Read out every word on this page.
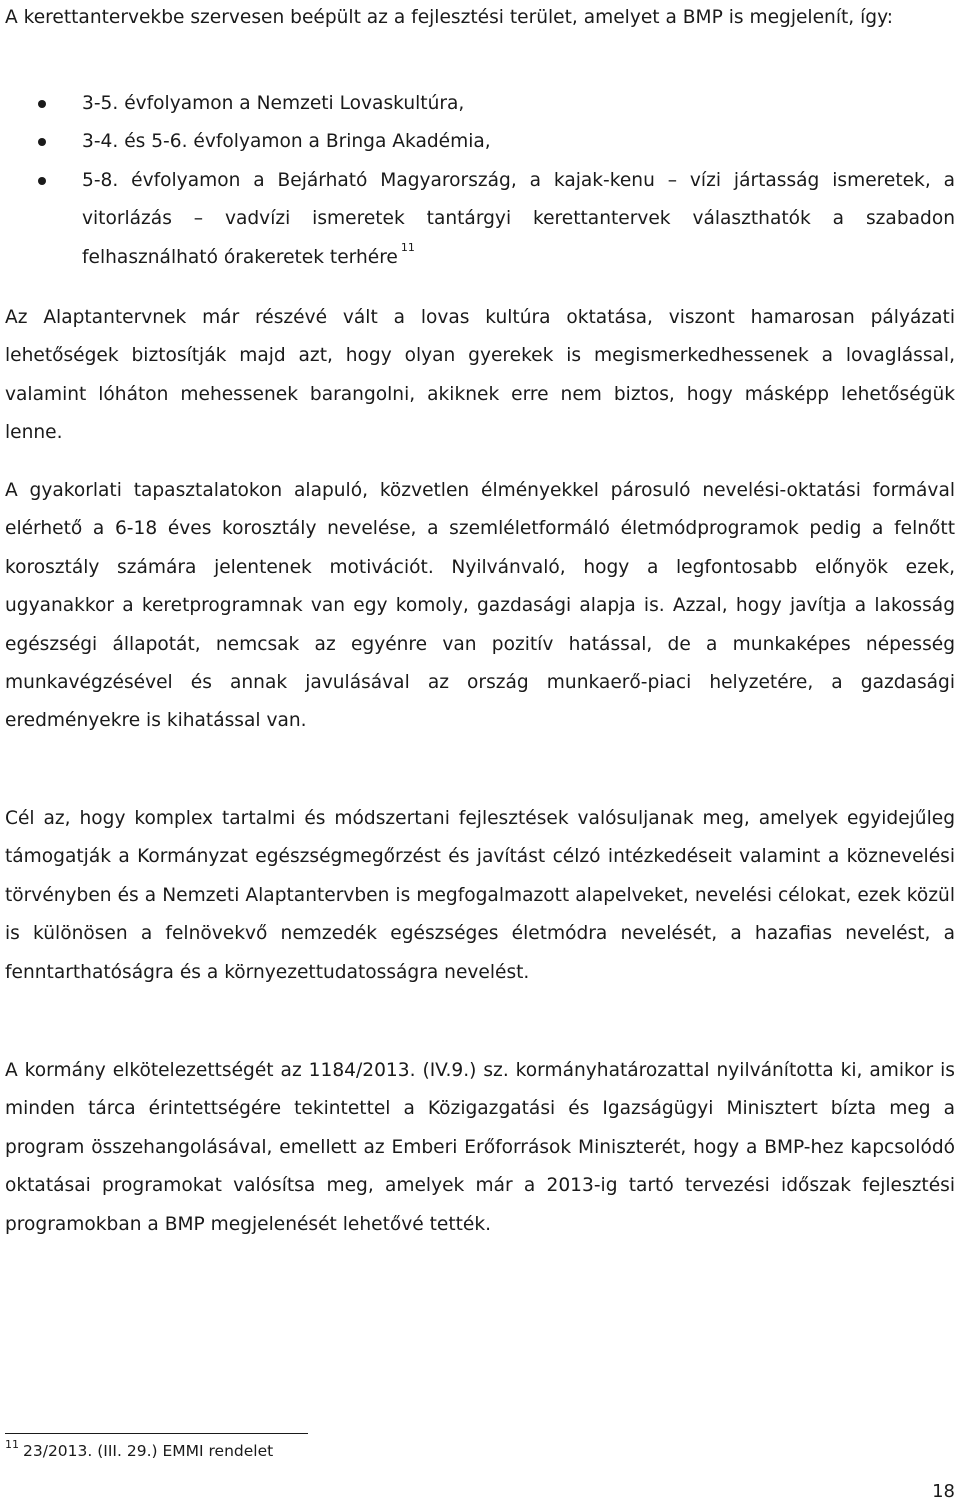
A kerettantervekbe szervesen beépült az a fejlesztési terület, amelyet a BMP is megjelenít, így:

3-5. évfolyamon a Nemzeti Lovaskultúra,
3-4. és 5-6. évfolyamon a Bringa Akadémia,
5-8. évfolyamon a Bejárható Magyarország, a kajak-kenu – vízi jártasság ismeretek, a vitorlázás – vadvízi ismeretek tantárgyi kerettantervek választhatók a szabadon felhasználható órakeretek terhére $^{11}$

Az Alaptantervnek már részévé vált a lovas kultúra oktatása, viszont hamarosan pályázati lehetőségek biztosítják majd azt, hogy olyan gyerekek is megismerkedhessenek a lovaglással, valamint lóháton mehessenek barangolni, akiknek erre nem biztos, hogy másképp lehetőségük lenne.

A gyakorlati tapasztalatokon alapuló, közvetlen élményekkel párosuló nevelési-oktatási formával elérhető a 6-18 éves korosztály nevelése, a szemléletformáló életmódprogramok pedig a felnőtt korosztály számára jelentenek motivációt. Nyilvánvaló, hogy a legfontosabb előnyök ezek, ugyanakkor a keretprogramnak van egy komoly, gazdasági alapja is. Azzal, hogy javítja a lakosság egészségi állapotát, nemcsak az egyénre van pozitív hatással, de a munkaképes népesség munkavégzésével és annak javulásával az ország munkaerő-piaci helyzetére, a gazdasági eredményekre is kihatással van.

Cél az, hogy komplex tartalmi és módszertani fejlesztések valósuljanak meg, amelyek egyidejűleg támogatják a Kormányzat egészségmegőrzést és javítást célzó intézkedéseit valamint a köznevelési törvényben és a Nemzeti Alaptantervben is megfogalmazott alapelveket, nevelési célokat, ezek közül is különösen a felnövekvő nemzedék egészséges életmódra nevelését, a hazafias nevelést, a fenntarthatóságra és a környezettudatosságra nevelést.

A kormány elkötelezettségét az 1184/2013. (IV.9.) sz. kormányhatározattal nyilvánította ki, amikor is minden tárca érintettségére tekintettel a Közigazgatási és Igazságügyi Minisztert bízta meg a program összehangolásával, emellett az Emberi Erőforrások Miniszterét, hogy a BMP-hez kapcsolódó oktatásai programokat valósítsa meg, amelyek már a 2013-ig tartó tervezési időszak fejlesztési programokban a BMP megjelenését lehetővé tették.

$^{11}$ 23/2013. (III. 29.) EMMI rendelet
18
